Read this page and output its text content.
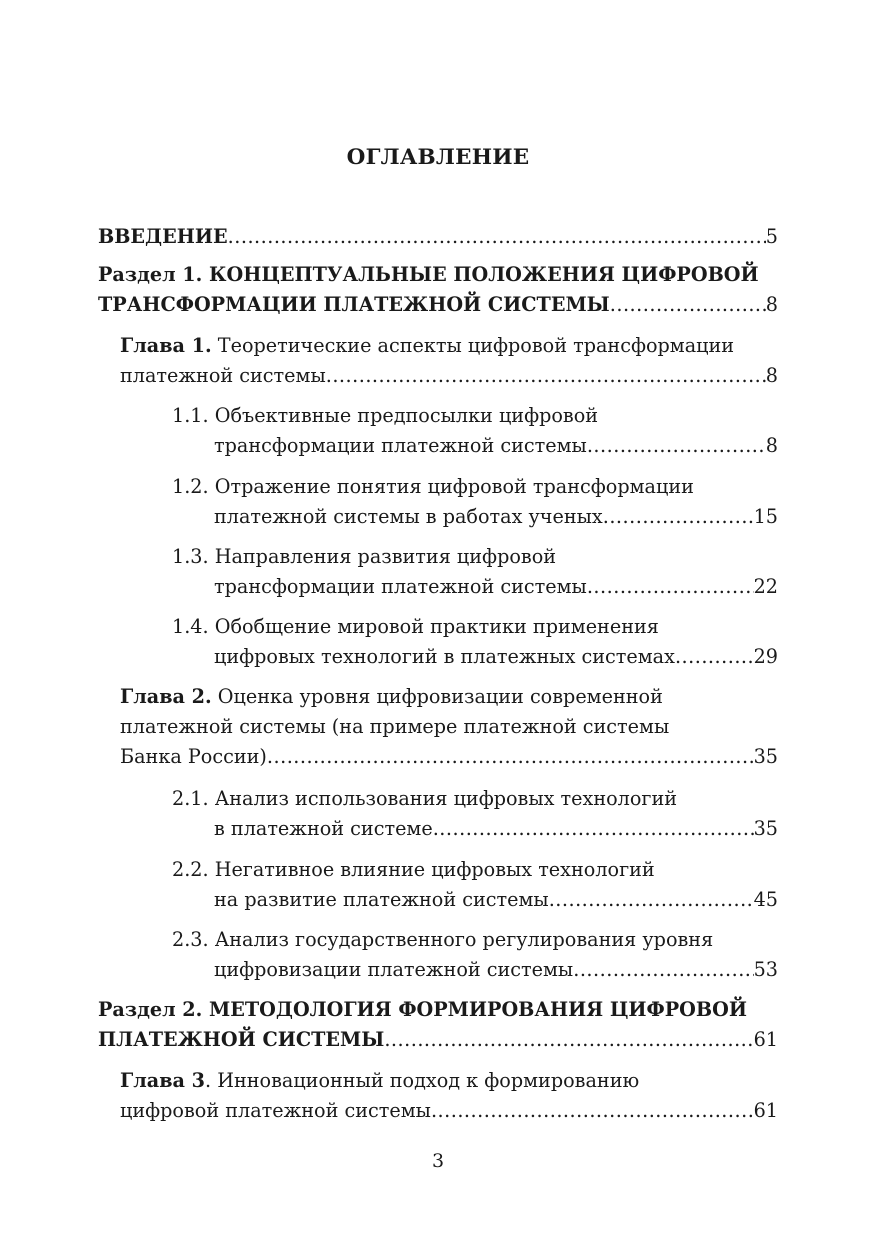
ОГЛАВЛЕНИЕ
ВВЕДЕНИЕ .....	5
Раздел 1. КОНЦЕПТУАЛЬНЫЕ ПОЛОЖЕНИЯ ЦИФРОВОЙ
ТРАНСФОРМАЦИИ ПЛАТЕЖНОЙ СИСТЕМЫ .....	8
Глава 1. Теоретические аспекты цифровой трансформации
платежной системы .....	8
1.1. Объективные предпосылки цифровой
трансформации платежной системы .....	8
1.2. Отражение понятия цифровой трансформации
платежной системы в работах ученых .....	15
1.3. Направления развития цифровой
трансформации платежной системы .....	22
1.4. Обобщение мировой практики применения
цифровых технологий в платежных системах .....	29
Глава 2. Оценка уровня цифровизации современной
платежной системы (на примере платежной системы
Банка России) .....	35
2.1. Анализ использования цифровых технологий
в платежной системе .....	35
2.2. Негативное влияние цифровых технологий
на развитие платежной системы .....	45
2.3. Анализ государственного регулирования уровня
цифровизации платежной системы .....	53
Раздел 2. МЕТОДОЛОГИЯ ФОРМИРОВАНИЯ ЦИФРОВОЙ
ПЛАТЕЖНОЙ СИСТЕМЫ .....	61
Глава 3. Инновационный подход к формированию
цифровой платежной системы .....	61
3
